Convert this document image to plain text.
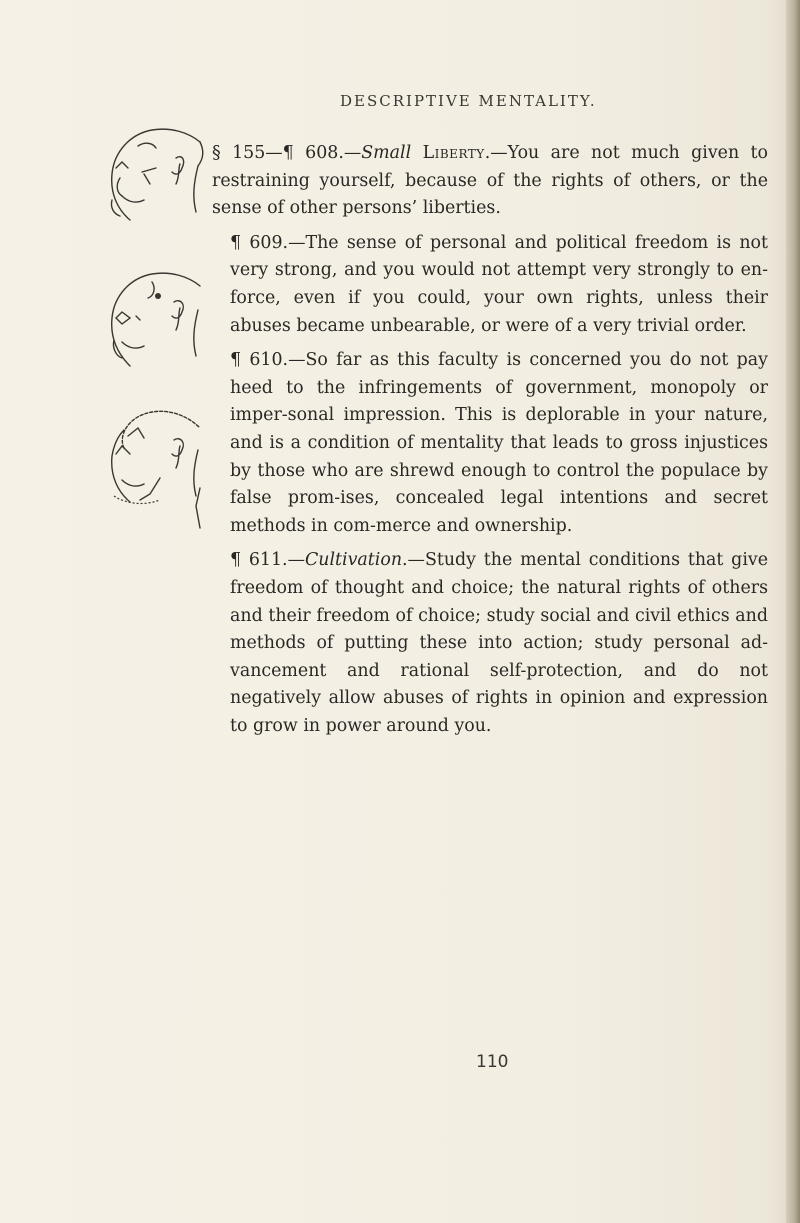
DESCRIPTIVE MENTALITY.

§ 155—¶ 608.—Small Liberty.—You are not much given to restraining yourself, because of the rights of others, or the sense of other persons’ liberties.

¶ 609.—The sense of personal and political freedom is not very strong, and you would not attempt very strongly to en-force, even if you could, your own rights, unless their abuses became unbearable, or were of a very trivial order.

¶ 610.—So far as this faculty is concerned you do not pay heed to the infringements of government, monopoly or imper-sonal impression. This is deplorable in your nature, and is a condition of mentality that leads to gross injustices by those who are shrewd enough to control the populace by false prom-ises, concealed legal intentions and secret methods in com-merce and ownership.

¶ 611.—Cultivation.—Study the mental conditions that give freedom of thought and choice; the natural rights of others and their freedom of choice; study social and civil ethics and methods of putting these into action; study personal ad-vancement and rational self-protection, and do not negatively allow abuses of rights in opinion and expression to grow in power around you.

110
